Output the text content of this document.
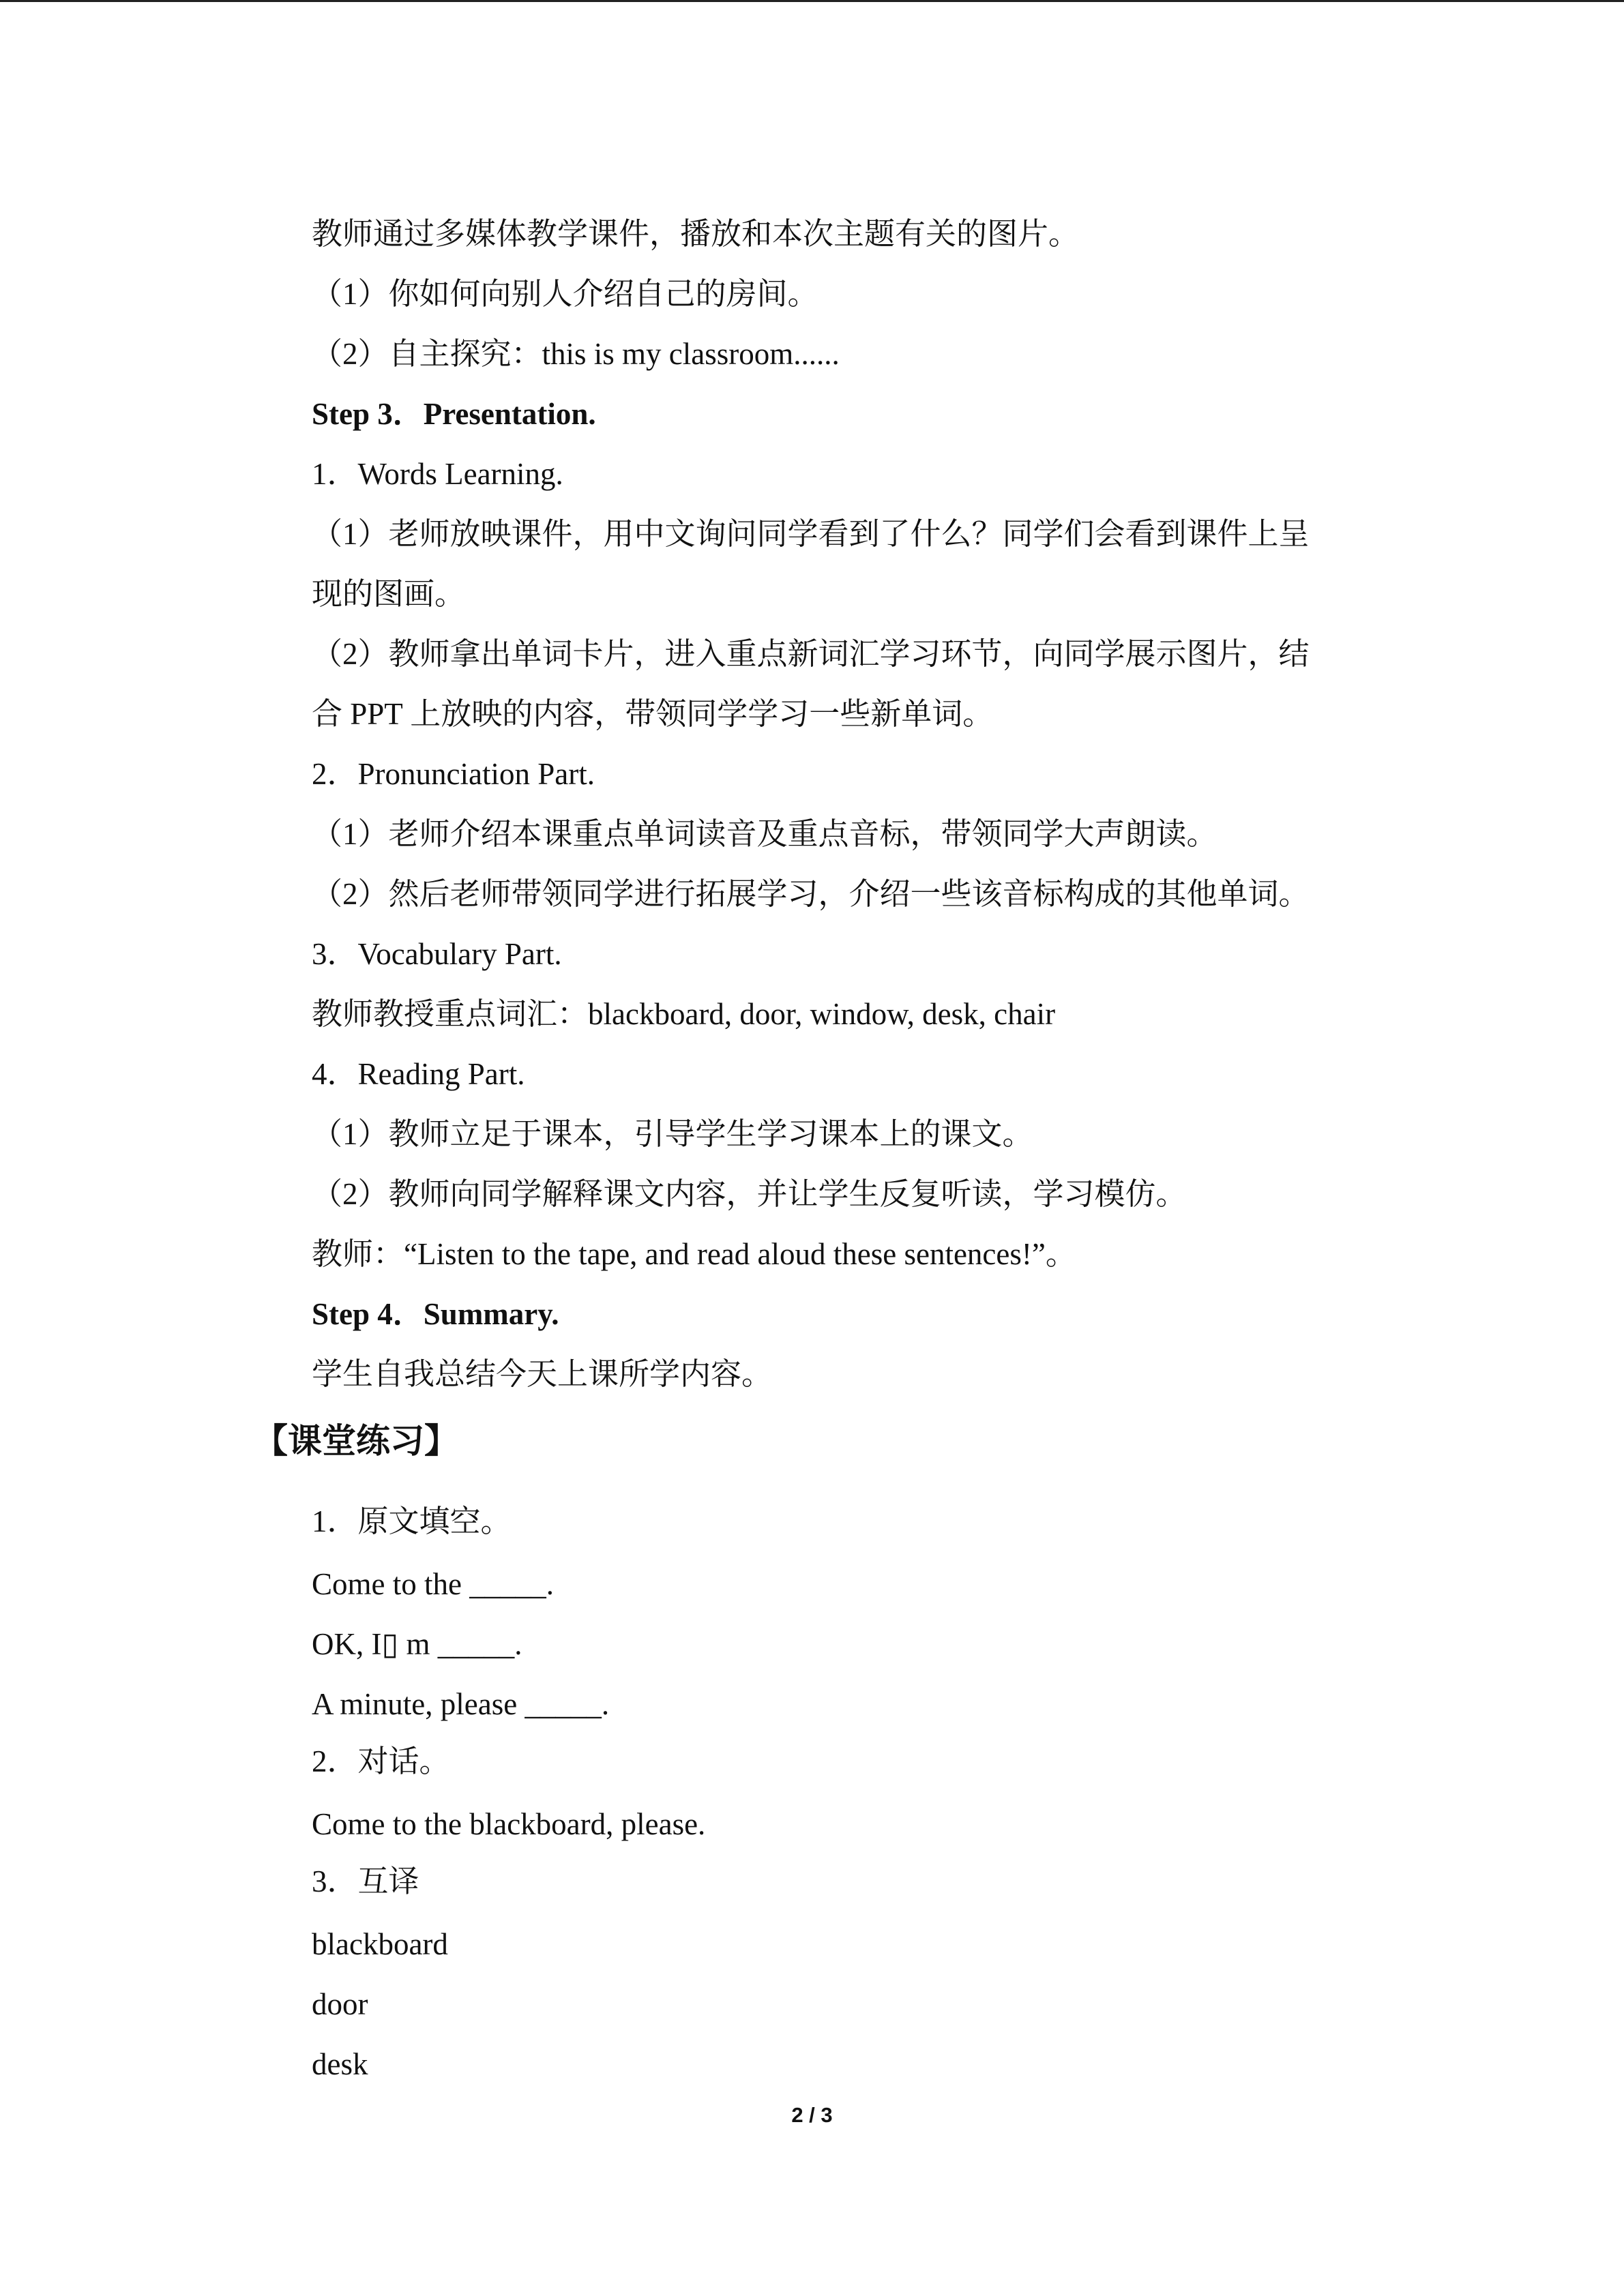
教师通过多媒体教学课件，播放和本次主题有关的图片。
（1）你如何向别人介绍自己的房间。
（2）自主探究：this is my classroom......
Step 3．Presentation.
1．Words Learning.
（1）老师放映课件，用中文询问同学看到了什么？同学们会看到课件上呈
现的图画。
（2）教师拿出单词卡片，进入重点新词汇学习环节，向同学展示图片，结
合 PPT 上放映的内容，带领同学学习一些新单词。
2．Pronunciation Part.
（1）老师介绍本课重点单词读音及重点音标，带领同学大声朗读。
（2）然后老师带领同学进行拓展学习，介绍一些该音标构成的其他单词。
3．Vocabulary Part.
教师教授重点词汇：blackboard, door, window, desk, chair
4．Reading Part.
（1）教师立足于课本，引导学生学习课本上的课文。
（2）教师向同学解释课文内容，并让学生反复听读，学习模仿。
教师：“Listen to the tape, and read aloud these sentences!”。
Step 4．Summary.
学生自我总结今天上课所学内容。
【课堂练习】
1．原文填空。
Come to the _____.
OK, I▯ m _____.
A minute, please _____.
2．对话。
Come to the blackboard, please.
3．互译
blackboard
door
desk
2 / 3
